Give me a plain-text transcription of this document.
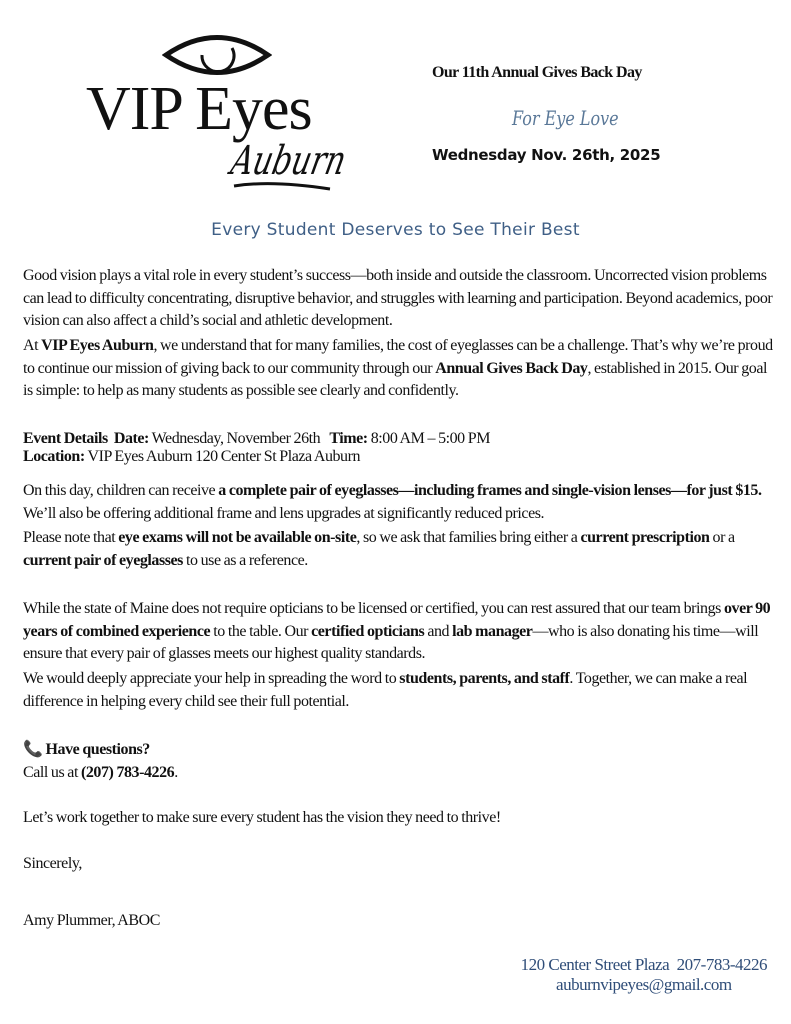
VIP Eyes
Auburn
Our 11th Annual Gives Back Day
For Eye Love
Wednesday Nov. 26th, 2025
Every Student Deserves to See Their Best
Good vision plays a vital role in every student’s success—both inside and outside the classroom. Uncorrected vision problems can lead to difficulty concentrating, disruptive behavior, and struggles with learning and participation. Beyond academics, poor vision can also affect a child’s social and athletic development.
At VIP Eyes Auburn, we understand that for many families, the cost of eyeglasses can be a challenge. That’s why we’re proud to continue our mission of giving back to our community through our Annual Gives Back Day, established in 2015. Our goal is simple: to help as many students as possible see clearly and confidently.
Event Details  Date: Wednesday, November 26th   Time: 8:00 AM – 5:00 PM
Location: VIP Eyes Auburn 120 Center St Plaza Auburn
On this day, children can receive a complete pair of eyeglasses—including frames and single-vision lenses—for just $15. We’ll also be offering additional frame and lens upgrades at significantly reduced prices.
Please note that eye exams will not be available on-site, so we ask that families bring either a current prescription or a current pair of eyeglasses to use as a reference.
While the state of Maine does not require opticians to be licensed or certified, you can rest assured that our team brings over 90 years of combined experience to the table. Our certified opticians and lab manager—who is also donating his time—will ensure that every pair of glasses meets our highest quality standards.
We would deeply appreciate your help in spreading the word to students, parents, and staff. Together, we can make a real difference in helping every child see their full potential.
📞 Have questions?
Call us at (207) 783-4226.
Let’s work together to make sure every student has the vision they need to thrive!
Sincerely,
Amy Plummer, ABOC
120 Center Street Plaza  207-783-4226
auburnvipeyes@gmail.com
